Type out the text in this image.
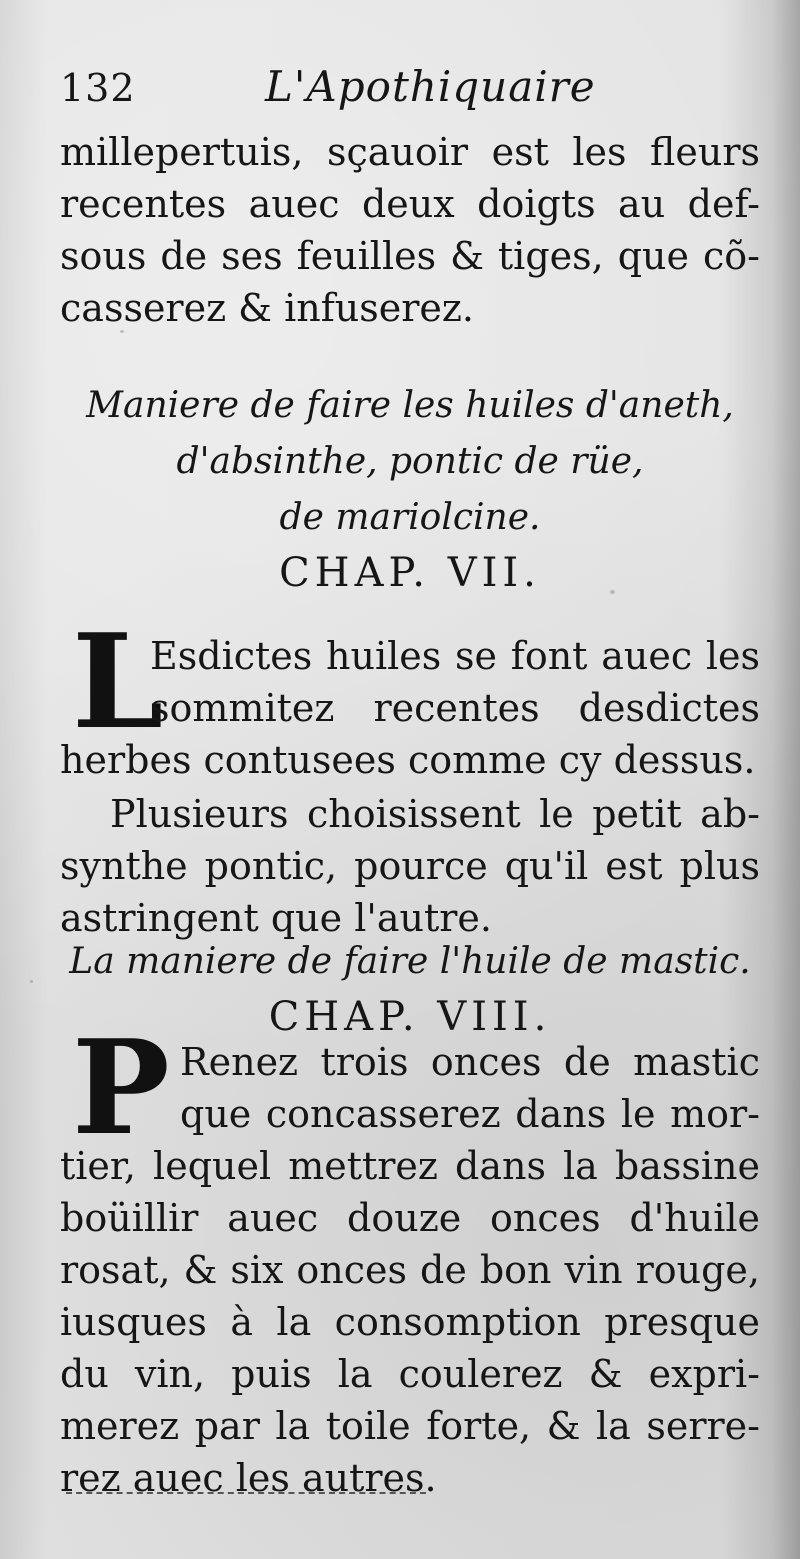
132	L'Apothiquaire
millepertuis, sçauoir est les fleurs
recentes auec deux doigts au def-
sous de ses feuilles & tiges, que cõ-
casserez & infuserez.
Maniere de faire les huiles d'aneth,
d'absinthe, pontic de rüe,
de mariolcine.
CHAP. VII.
L
Esdictes huiles se font auec les
sommitez recentes desdictes
herbes contusees comme cy dessus.
Plusieurs choisissent le petit ab-
synthe pontic, pource qu'il est plus
astringent que l'autre.
La maniere de faire l'huile de mastic.
CHAP. VIII.
P Renez trois onces de mastic
que concasserez dans le mor-
tier, lequel mettrez dans la bassine
boüillir auec douze onces d'huile
rosat, & six onces de bon vin rouge,
iusques à la consomption presque
du vin, puis la coulerez & expri-
merez par la toile forte, & la serre-
rez auec les autres.
